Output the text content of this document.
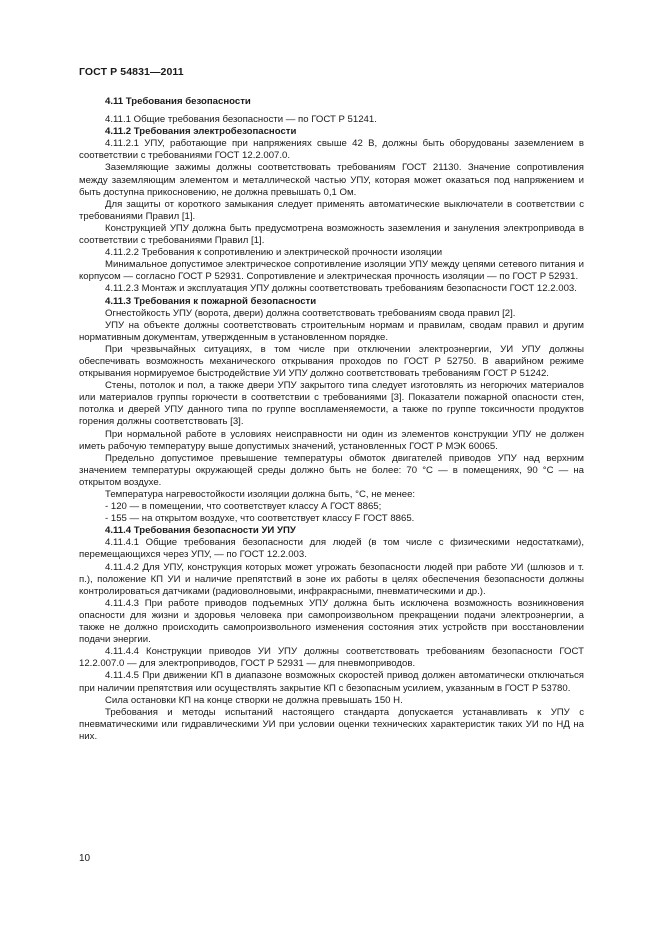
ГОСТ Р 54831—2011

4.11 Требования безопасности

4.11.1 Общие требования безопасности — по ГОСТ Р 51241.

4.11.2 Требования электробезопасности

4.11.2.1 УПУ, работающие при напряжениях свыше 42 В, должны быть оборудованы заземлением в соответствии с требованиями ГОСТ 12.2.007.0.

Заземляющие зажимы должны соответствовать требованиям ГОСТ 21130. Значение сопротивления между заземляющим элементом и металлической частью УПУ, которая может оказаться под напряжением и быть доступна прикосновению, не должна превышать 0,1 Ом.

Для защиты от короткого замыкания следует применять автоматические выключатели в соответствии с требованиями Правил [1].

Конструкцией УПУ должна быть предусмотрена возможность заземления и зануления электропривода в соответствии с требованиями Правил [1].

4.11.2.2 Требования к сопротивлению и электрической прочности изоляции

Минимальное допустимое электрическое сопротивление изоляции УПУ между цепями сетевого питания и корпусом — согласно ГОСТ Р 52931. Сопротивление и электрическая прочность изоляции — по ГОСТ Р 52931.

4.11.2.3 Монтаж и эксплуатация УПУ должны соответствовать требованиям безопасности ГОСТ 12.2.003.

4.11.3 Требования к пожарной безопасности

Огнестойкость УПУ (ворота, двери) должна соответствовать требованиям свода правил [2].

УПУ на объекте должны соответствовать строительным нормам и правилам, сводам правил и другим нормативным документам, утвержденным в установленном порядке.

При чрезвычайных ситуациях, в том числе при отключении электроэнергии, УИ УПУ должны обеспечивать возможность механического открывания проходов по ГОСТ Р 52750. В аварийном режиме открывания нормируемое быстродействие УИ УПУ должно соответствовать требованиям ГОСТ Р 51242.

Стены, потолок и пол, а также двери УПУ закрытого типа следует изготовлять из негорючих материалов или материалов группы горючести в соответствии с требованиями [3]. Показатели пожарной опасности стен, потолка и дверей УПУ данного типа по группе воспламеняемости, а также по группе токсичности продуктов горения должны соответствовать [3].

При нормальной работе в условиях неисправности ни один из элементов конструкции УПУ не должен иметь рабочую температуру выше допустимых значений, установленных ГОСТ Р МЭК 60065.

Предельно допустимое превышение температуры обмоток двигателей приводов УПУ над верхним значением температуры окружающей среды должно быть не более: 70 °С — в помещениях, 90 °С — на открытом воздухе.

Температура нагревостойкости изоляции должна быть, °С, не менее:

- 120 — в помещении, что соответствует классу А ГОСТ 8865;

- 155 — на открытом воздухе, что соответствует классу F ГОСТ 8865.

4.11.4 Требования безопасности УИ УПУ

4.11.4.1 Общие требования безопасности для людей (в том числе с физическими недостатками), перемещающихся через УПУ, — по ГОСТ 12.2.003.

4.11.4.2 Для УПУ, конструкция которых может угрожать безопасности людей при работе УИ (шлюзов и т. п.), положение КП УИ и наличие препятствий в зоне их работы в целях обеспечения безопасности должны контролироваться датчиками (радиоволновыми, инфракрасными, пневматическими и др.).

4.11.4.3 При работе приводов подъемных УПУ должна быть исключена возможность возникновения опасности для жизни и здоровья человека при самопроизвольном прекращении подачи электроэнергии, а также не должно происходить самопроизвольного изменения состояния этих устройств при восстановлении подачи энергии.

4.11.4.4 Конструкции приводов УИ УПУ должны соответствовать требованиям безопасности ГОСТ 12.2.007.0 — для электроприводов, ГОСТ Р 52931 — для пневмоприводов.

4.11.4.5 При движении КП в диапазоне возможных скоростей привод должен автоматически отключаться при наличии препятствия или осуществлять закрытие КП с безопасным усилием, указанным в ГОСТ Р 53780.

Сила остановки КП на конце створки не должна превышать 150 Н.

Требования и методы испытаний настоящего стандарта допускается устанавливать к УПУ с пневматическими или гидравлическими УИ при условии оценки технических характеристик таких УИ по НД на них.

10
